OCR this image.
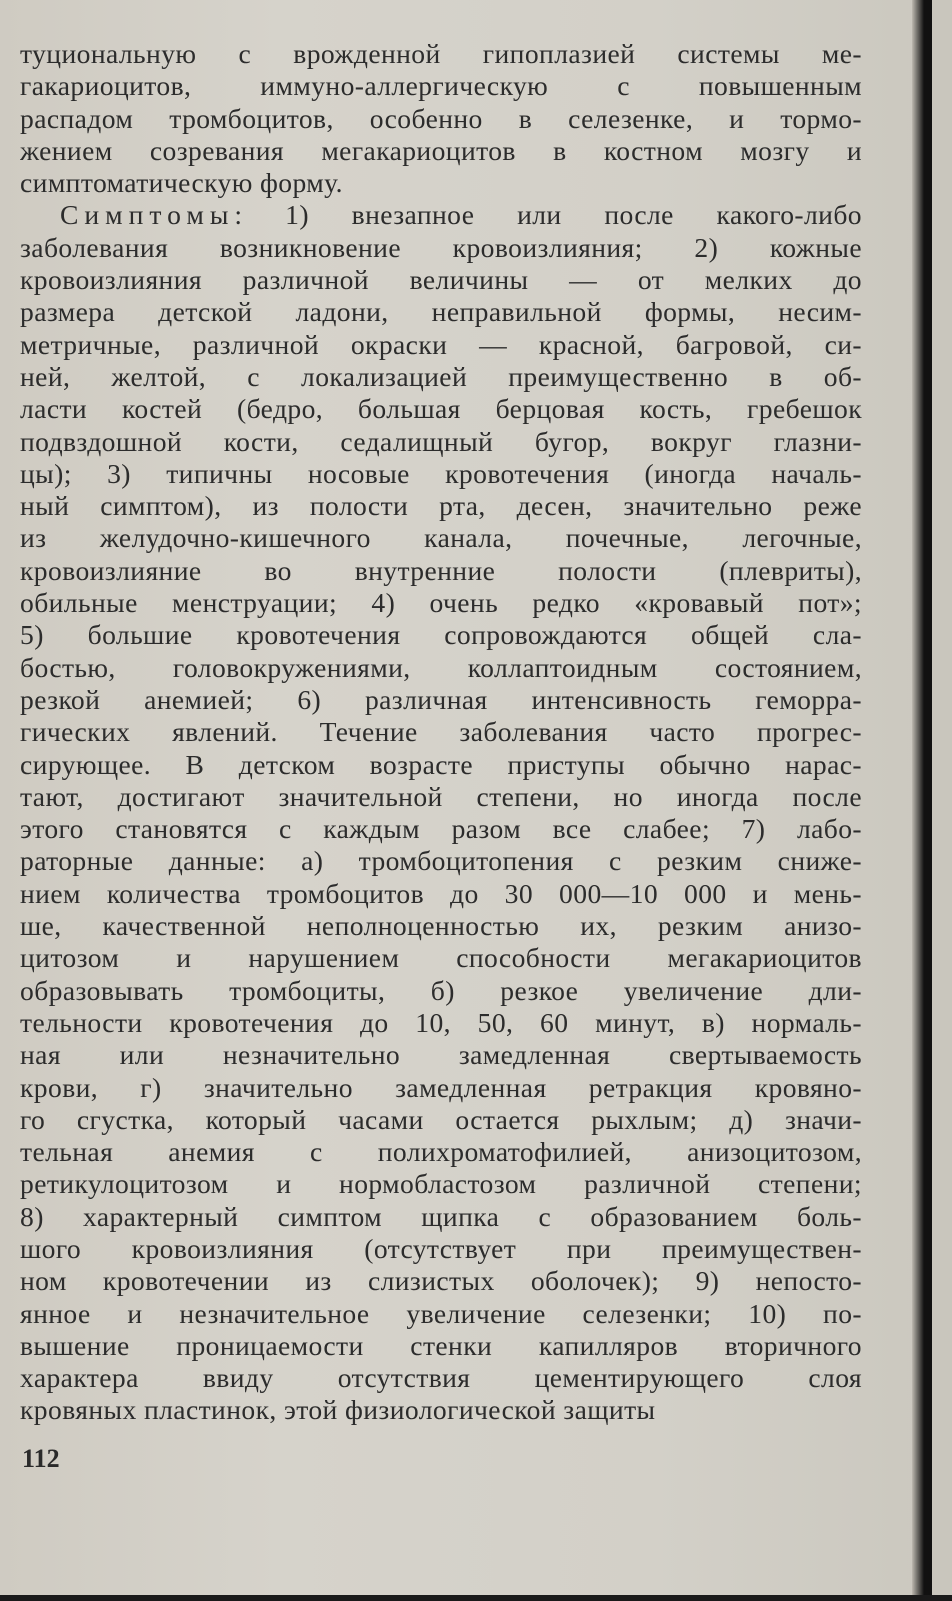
туциональную с врожденной гипоплазией системы ме-
гакариоцитов, иммуно-аллергическую с повышенным
распадом тромбоцитов, особенно в селезенке, и тормо-
жением созревания мегакариоцитов в костном мозгу и
симптоматическую форму.
Симптомы: 1) внезапное или после какого-либо
заболевания возникновение кровоизлияния; 2) кожные
кровоизлияния различной величины — от мелких до
размера детской ладони, неправильной формы, несим-
метричные, различной окраски — красной, багровой, си-
ней, желтой, с локализацией преимущественно в об-
ласти костей (бедро, большая берцовая кость, гребешок
подвздошной кости, седалищный бугор, вокруг глазни-
цы); 3) типичны носовые кровотечения (иногда началь-
ный симптом), из полости рта, десен, значительно реже
из желудочно-кишечного канала, почечные, легочные,
кровоизлияние во внутренние полости (плевриты),
обильные менструации; 4) очень редко «кровавый пот»;
5) большие кровотечения сопровождаются общей сла-
бостью, головокружениями, коллаптоидным состоянием,
резкой анемией; 6) различная интенсивность геморра-
гических явлений. Течение заболевания часто прогрес-
сирующее. В детском возрасте приступы обычно нарас-
тают, достигают значительной степени, но иногда после
этого становятся с каждым разом все слабее; 7) лабо-
раторные данные: а) тромбоцитопения с резким сниже-
нием количества тромбоцитов до 30 000—10 000 и мень-
ше, качественной неполноценностью их, резким анизо-
цитозом и нарушением способности мегакариоцитов
образовывать тромбоциты, б) резкое увеличение дли-
тельности кровотечения до 10, 50, 60 минут, в) нормаль-
ная или незначительно замедленная свертываемость
крови, г) значительно замедленная ретракция кровяно-
го сгустка, который часами остается рыхлым; д) значи-
тельная анемия с полихроматофилией, анизоцитозом,
ретикулоцитозом и нормобластозом различной степени;
8) характерный симптом щипка с образованием боль-
шого кровоизлияния (отсутствует при преимуществен-
ном кровотечении из слизистых оболочек); 9) непосто-
янное и незначительное увеличение селезенки; 10) по-
вышение проницаемости стенки капилляров вторичного
характера ввиду отсутствия цементирующего слоя
кровяных пластинок, этой физиологической защиты
112
